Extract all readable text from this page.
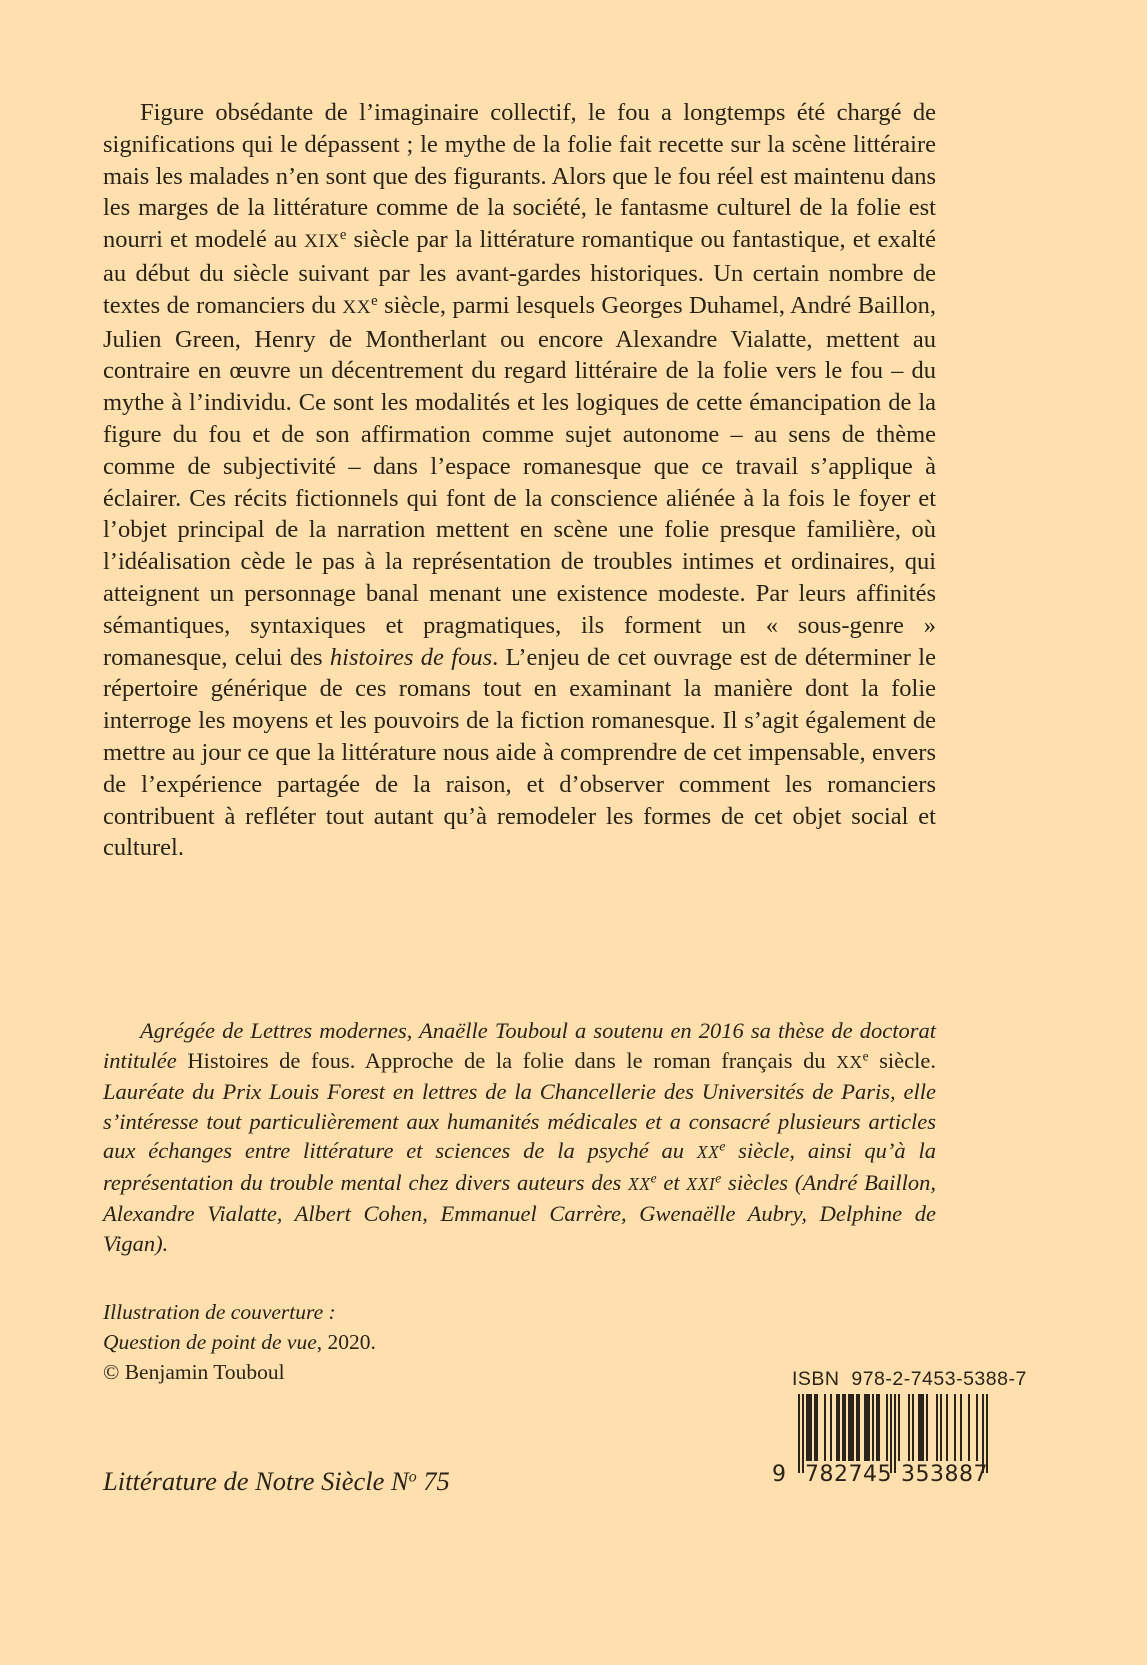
Figure obsédante de l’imaginaire collectif, le fou a longtemps été chargé de significations qui le dépassent ; le mythe de la folie fait recette sur la scène littéraire mais les malades n’en sont que des figurants. Alors que le fou réel est maintenu dans les marges de la littérature comme de la société, le fantasme culturel de la folie est nourri et modelé au XIXe siècle par la littérature romantique ou fantastique, et exalté au début du siècle suivant par les avant-gardes historiques. Un certain nombre de textes de romanciers du XXe siècle, parmi lesquels Georges Duhamel, André Baillon, Julien Green, Henry de Montherlant ou encore Alexandre Vialatte, mettent au contraire en œuvre un décentrement du regard littéraire de la folie vers le fou – du mythe à l’individu. Ce sont les modalités et les logiques de cette émancipation de la figure du fou et de son affirmation comme sujet autonome – au sens de thème comme de subjectivité – dans l’espace romanesque que ce travail s’applique à éclairer. Ces récits fictionnels qui font de la conscience aliénée à la fois le foyer et l’objet principal de la narration mettent en scène une folie presque familière, où l’idéalisation cède le pas à la représentation de troubles intimes et ordinaires, qui atteignent un personnage banal menant une existence modeste. Par leurs affinités sémantiques, syntaxiques et pragmatiques, ils forment un « sous-genre » romanesque, celui des histoires de fous. L’enjeu de cet ouvrage est de déterminer le répertoire générique de ces romans tout en examinant la manière dont la folie interroge les moyens et les pouvoirs de la fiction romanesque. Il s’agit également de mettre au jour ce que la littérature nous aide à comprendre de cet impensable, envers de l’expérience partagée de la raison, et d’observer comment les romanciers contribuent à refléter tout autant qu’à remodeler les formes de cet objet social et culturel.

Agrégée de Lettres modernes, Anaëlle Touboul a soutenu en 2016 sa thèse de doctorat intitulée Histoires de fous. Approche de la folie dans le roman français du XXe siècle. Lauréate du Prix Louis Forest en lettres de la Chancellerie des Universités de Paris, elle s’intéresse tout particulièrement aux humanités médicales et a consacré plusieurs articles aux échanges entre littérature et sciences de la psyché au XXe siècle, ainsi qu’à la représentation du trouble mental chez divers auteurs des XXe et XXIe siècles (André Baillon, Alexandre Vialatte, Albert Cohen, Emmanuel Carrère, Gwenaëlle Aubry, Delphine de Vigan).

Illustration de couverture :
Question de point de vue, 2020.
© Benjamin Touboul
Littérature de Notre Siècle $N^o$ 75
ISBN  978-2-7453-5388-7
9 782745 353887
